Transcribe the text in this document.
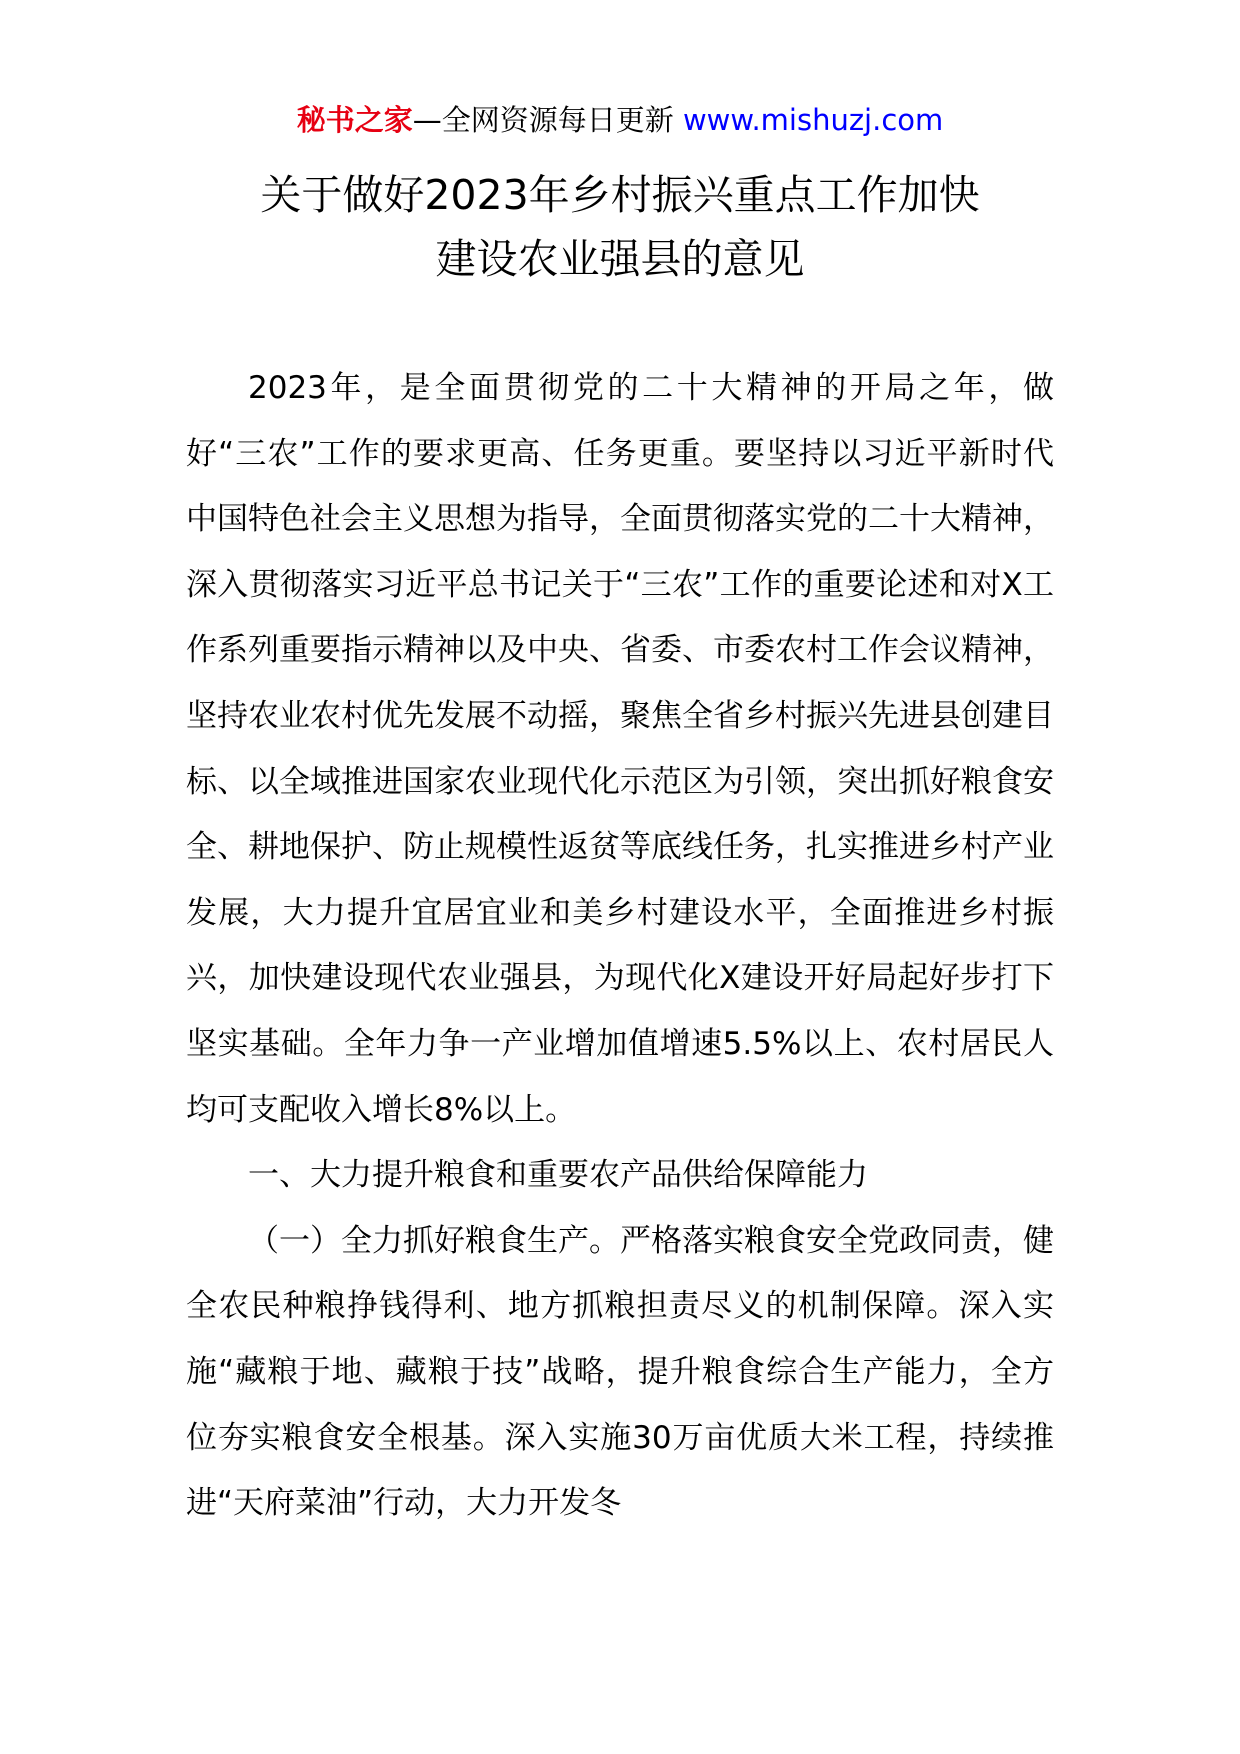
秘书之家—全网资源每日更新 www.mishuzj.com
关于做好2023年乡村振兴重点工作加快
建设农业强县的意见

2023年，是全面贯彻党的二十大精神的开局之年，做好“三农”工作的要求更高、任务更重。要坚持以习近平新时代中国特色社会主义思想为指导，全面贯彻落实党的二十大精神，深入贯彻落实习近平总书记关于“三农”工作的重要论述和对X工作系列重要指示精神以及中央、省委、市委农村工作会议精神，坚持农业农村优先发展不动摇，聚焦全省乡村振兴先进县创建目标、以全域推进国家农业现代化示范区为引领，突出抓好粮食安全、耕地保护、防止规模性返贫等底线任务，扎实推进乡村产业发展，大力提升宜居宜业和美乡村建设水平，全面推进乡村振兴，加快建设现代农业强县，为现代化X建设开好局起好步打下坚实基础。全年力争一产业增加值增速5.5%以上、农村居民人均可支配收入增长8%以上。

一、大力提升粮食和重要农产品供给保障能力

（一）全力抓好粮食生产。严格落实粮食安全党政同责，健全农民种粮挣钱得利、地方抓粮担责尽义的机制保障。深入实施“藏粮于地、藏粮于技”战略，提升粮食综合生产能力，全方位夯实粮食安全根基。深入实施30万亩优质大米工程，持续推进“天府菜油”行动，大力开发冬
